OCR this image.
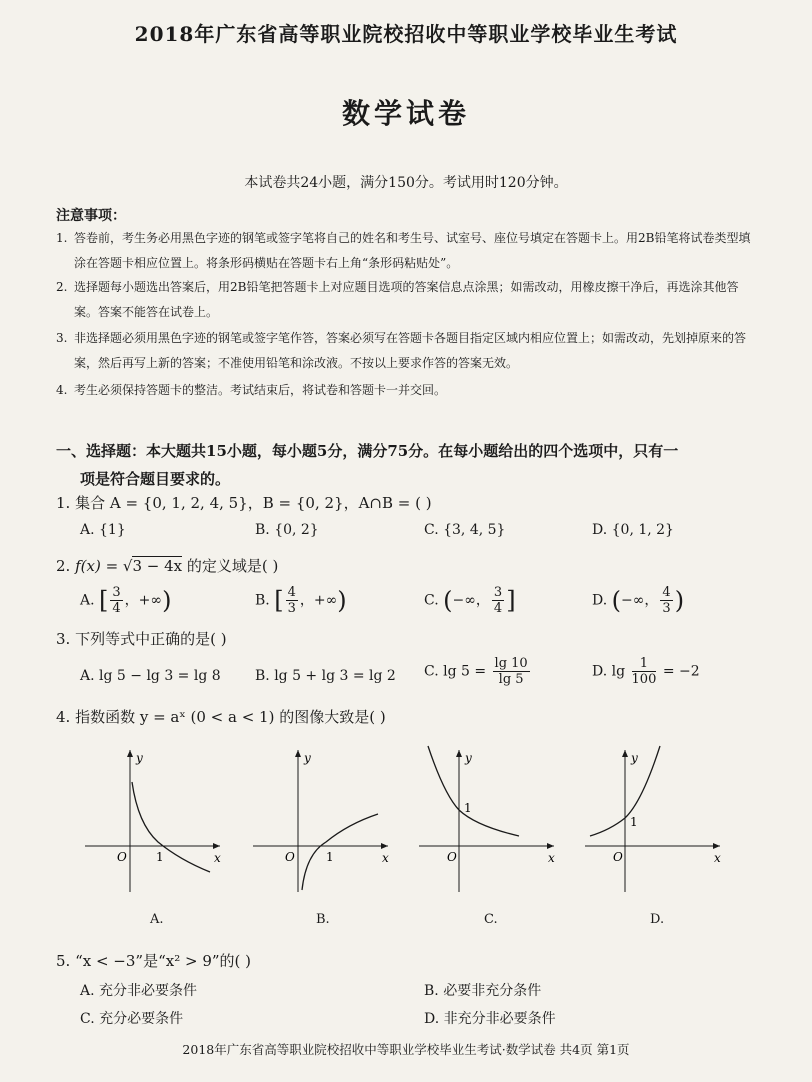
2018年广东省高等职业院校招收中等职业学校毕业生考试
数学试卷
本试卷共24小题，满分150分。考试用时120分钟。
注意事项：
1. 答卷前，考生务必用黑色字迹的钢笔或签字笔将自己的姓名和考生号、试室号、座位号填定在答题卡上。用2B铅笔将试卷类型填涂在答题卡相应位置上。将条形码横贴在答题卡右上角“条形码粘贴处”。
2. 选择题每小题选出答案后，用2B铅笔把答题卡上对应题目选项的答案信息点涂黑；如需改动，用橡皮擦干净后，再选涂其他答案。答案不能答在试卷上。
3. 非选择题必须用黑色字迹的钢笔或签字笔作答，答案必须写在答题卡各题目指定区域内相应位置上；如需改动，先划掉原来的答案，然后再写上新的答案；不准使用铅笔和涂改液。不按以上要求作答的答案无效。
4. 考生必须保持答题卡的整洁。考试结束后，将试卷和答题卡一并交回。
一、选择题：本大题共15小题，每小题5分，满分75分。在每小题给出的四个选项中，只有一
项是符合题目要求的。
1. 集合 A = {0, 1, 2, 4, 5}，B = {0, 2}，A∩B = ( )
A. {1}	B. {0, 2}	C. {3, 4, 5}	D. {0, 1, 2}
2. f(x) = √3 − 4x 的定义域是( )
A. [ $\frac{3}{4}$ ，+∞)	B. [ $\frac{4}{3}$ ，+∞)	C. (−∞， $\frac{3}{4}$ ]	D. (−∞， $\frac{4}{3}$ )
3. 下列等式中正确的是( )
A. lg 5 − lg 3 = lg 8 B. lg 5 + lg 3 = lg 2 C. $\lg 5 = \frac{\lg 10}{\lg 5}$	D. $\lg \frac{1}{100} = -2$
4. 指数函数 y = aˣ (0 < a < 1) 的图像大致是( )
y
x
O 1
A.
y
x
O	1
B.
y
x
O
1
C.
y
x
O
1
D.
5. “x < −3”是“x² > 9”的( )
A. 充分非必要条件	B. 必要非充分条件
C. 充分必要条件	D. 非充分非必要条件
2018年广东省高等职业院校招收中等职业学校毕业生考试·数学试卷 共4页 第1页
